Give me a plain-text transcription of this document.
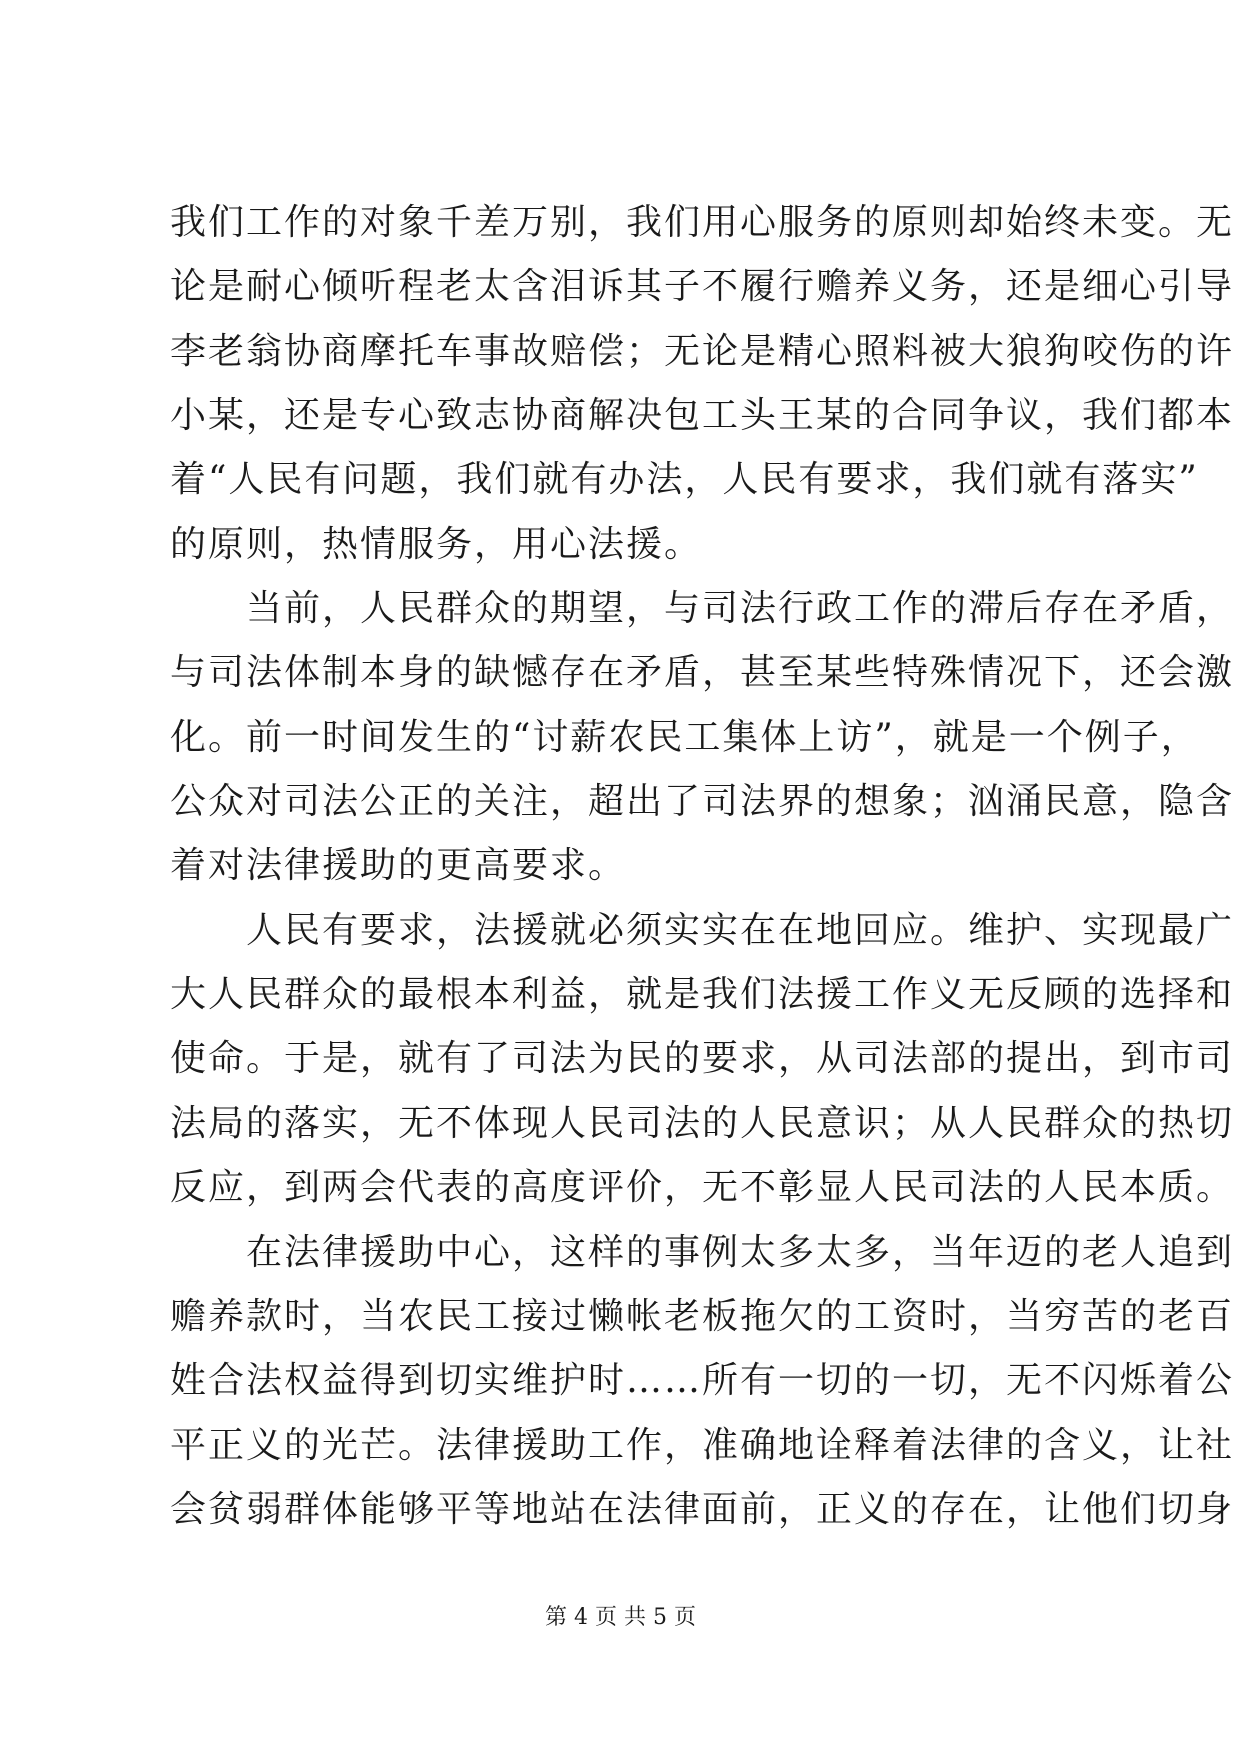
我们工作的对象千差万别，我们用心服务的原则却始终未变。无
论是耐心倾听程老太含泪诉其子不履行赡养义务，还是细心引导
李老翁协商摩托车事故赔偿；无论是精心照料被大狼狗咬伤的许
小某，还是专心致志协商解决包工头王某的合同争议，我们都本
着“人民有问题，我们就有办法，人民有要求，我们就有落实”
的原则，热情服务，用心法援。
　　当前，人民群众的期望，与司法行政工作的滞后存在矛盾，
与司法体制本身的缺憾存在矛盾，甚至某些特殊情况下，还会激
化。前一时间发生的“讨薪农民工集体上访”，就是一个例子，
公众对司法公正的关注，超出了司法界的想象；汹涌民意，隐含
着对法律援助的更高要求。
　　人民有要求，法援就必须实实在在地回应。维护、实现最广
大人民群众的最根本利益，就是我们法援工作义无反顾的选择和
使命。于是，就有了司法为民的要求，从司法部的提出，到市司
法局的落实，无不体现人民司法的人民意识；从人民群众的热切
反应，到两会代表的高度评价，无不彰显人民司法的人民本质。
　　在法律援助中心，这样的事例太多太多，当年迈的老人追到
赡养款时，当农民工接过懒帐老板拖欠的工资时，当穷苦的老百
姓合法权益得到切实维护时……所有一切的一切，无不闪烁着公
平正义的光芒。法律援助工作，准确地诠释着法律的含义，让社
会贫弱群体能够平等地站在法律面前，正义的存在，让他们切身
第 4 页 共 5 页
